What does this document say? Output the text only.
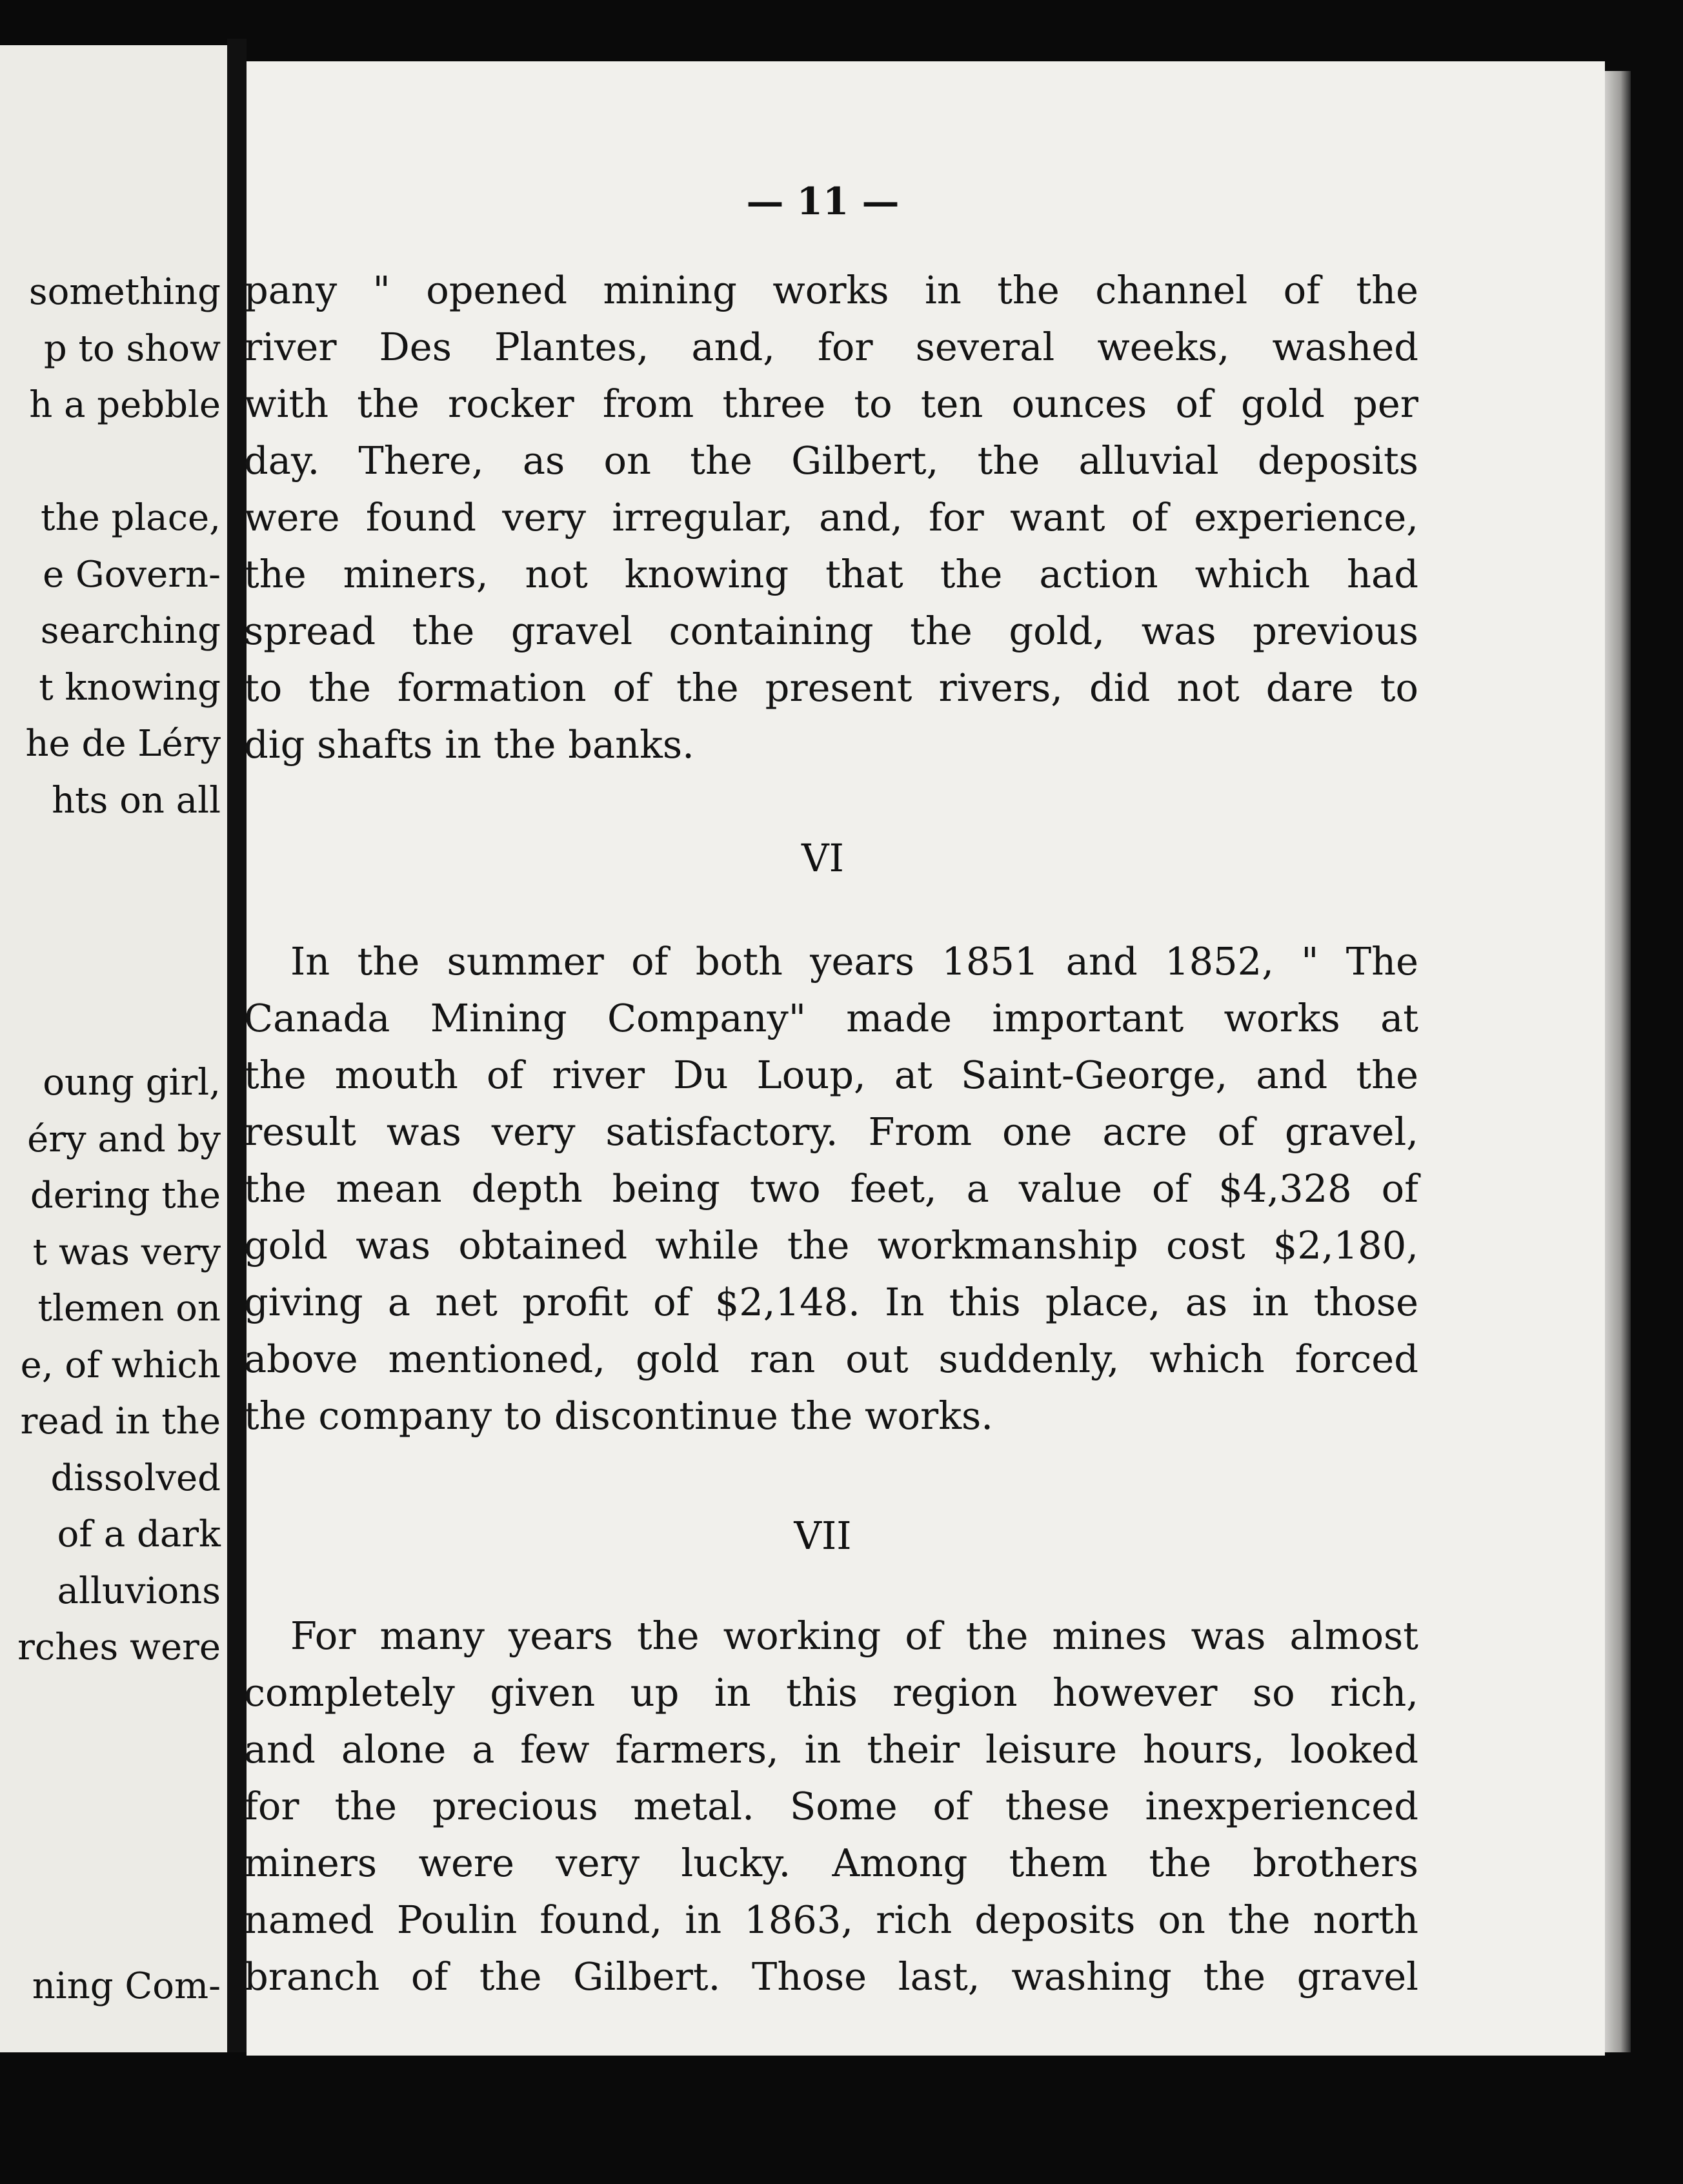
something
p to show
h a pebble
the place,
e Govern-
searching
t knowing
he de Léry
hts on all
oung girl,
éry and by
dering the
t was very
tlemen on
e, of which
read in the
dissolved
of a dark
alluvions
rches were
ning Com-
— 11 —
pany " opened mining works in the channel of the
river Des Plantes, and, for several weeks, washed
with the rocker from three to ten ounces of gold per
day. There, as on the Gilbert, the alluvial deposits
were found very irregular, and, for want of experience,
the miners, not knowing that the action which had
spread the gravel containing the gold, was previous
to the formation of the present rivers, did not dare to
dig shafts in the banks.
VI
In the summer of both years 1851 and 1852, " The
Canada Mining Company" made important works at
the mouth of river Du Loup, at Saint-George, and the
result was very satisfactory. From one acre of gravel,
the mean depth being two feet, a value of $4,328 of
gold was obtained while the workmanship cost $2,180,
giving a net profit of $2,148. In this place, as in those
above mentioned, gold ran out suddenly, which forced
the company to discontinue the works.
VII
For many years the working of the mines was almost
completely given up in this region however so rich,
and alone a few farmers, in their leisure hours, looked
for the precious metal. Some of these inexperienced
miners were very lucky. Among them the brothers
named Poulin found, in 1863, rich deposits on the north
branch of the Gilbert. Those last, washing the gravel
